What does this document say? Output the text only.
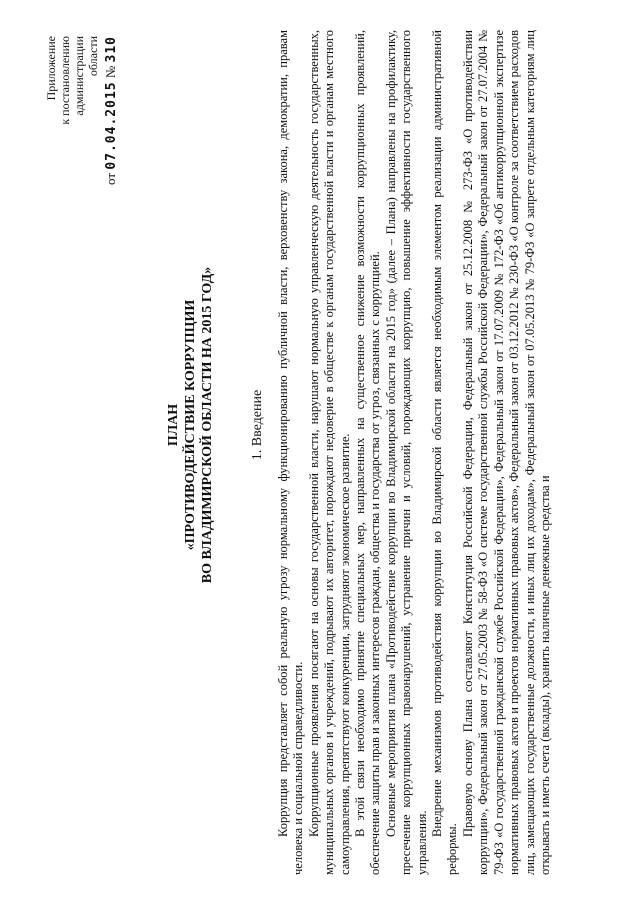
Приложение к постановлению администрации области
от 07.04.2015 № 310
ПЛАН «ПРОТИВОДЕЙСТВИЕ КОРРУПЦИИ ВО ВЛАДИМИРСКОЙ ОБЛАСТИ НА 2015 ГОД»	1. Введение Коррупция представляет собой реальную угрозу нормальному функционированию публичной власти, верховенству закона, демократии, правам человека и социальной справедливости. Коррупционные проявления посягают на основы государственной власти, нарушают нормальную управленческую деятельность государственных, муниципальных органов и учреждений, подрывают их авторитет, порождают недоверие в обществе к органам государственной власти и органам местного самоуправления, препятствуют конкуренции, затрудняют экономическое развитие. В этой связи необходимо принятие специальных мер, направленных на существенное снижение возможности коррупционных проявлений, обеспечение защиты прав и законных интересов граждан, общества и государства от угроз, связанных с коррупцией. Основные мероприятия плана «Противодействие коррупции во Владимирской области на 2015 год» (далее – Плана) направлены на профилактику, пресечение коррупционных правонарушений, устранение причин и условий, порождающих коррупцию, повышение эффективности государственного управления.

Внедрение механизмов противодействия коррупции во Владимирской области является необходимым элементом реализации административной реформы.

Правовую основу Плана составляют Конституция Российской Федерации, Федеральный закон от 25.12.2008 № 273-ФЗ «О противодействии коррупции», Федеральный закон от 27.05.2003 № 58-ФЗ «О системе государственной службы Российской Федерации», Федеральный закон от 27.07.2004 № 79-ФЗ «О государственной гражданской службе Российской Федерации», Федеральный закон от 17.07.2009 № 172-ФЗ «Об антикоррупционной экспертизе нормативных правовых актов и проектов нормативных правовых актов», Федеральный закон от 03.12.2012 № 230-ФЗ «О контроле за соответствием расходов лиц, замещающих государственные должности, и иных лиц их доходам», Федеральный закон от 07.05.2013 № 79-ФЗ «О запрете отдельным категориям лиц открывать и иметь счета (вклады), хранить наличные денежные средства и
